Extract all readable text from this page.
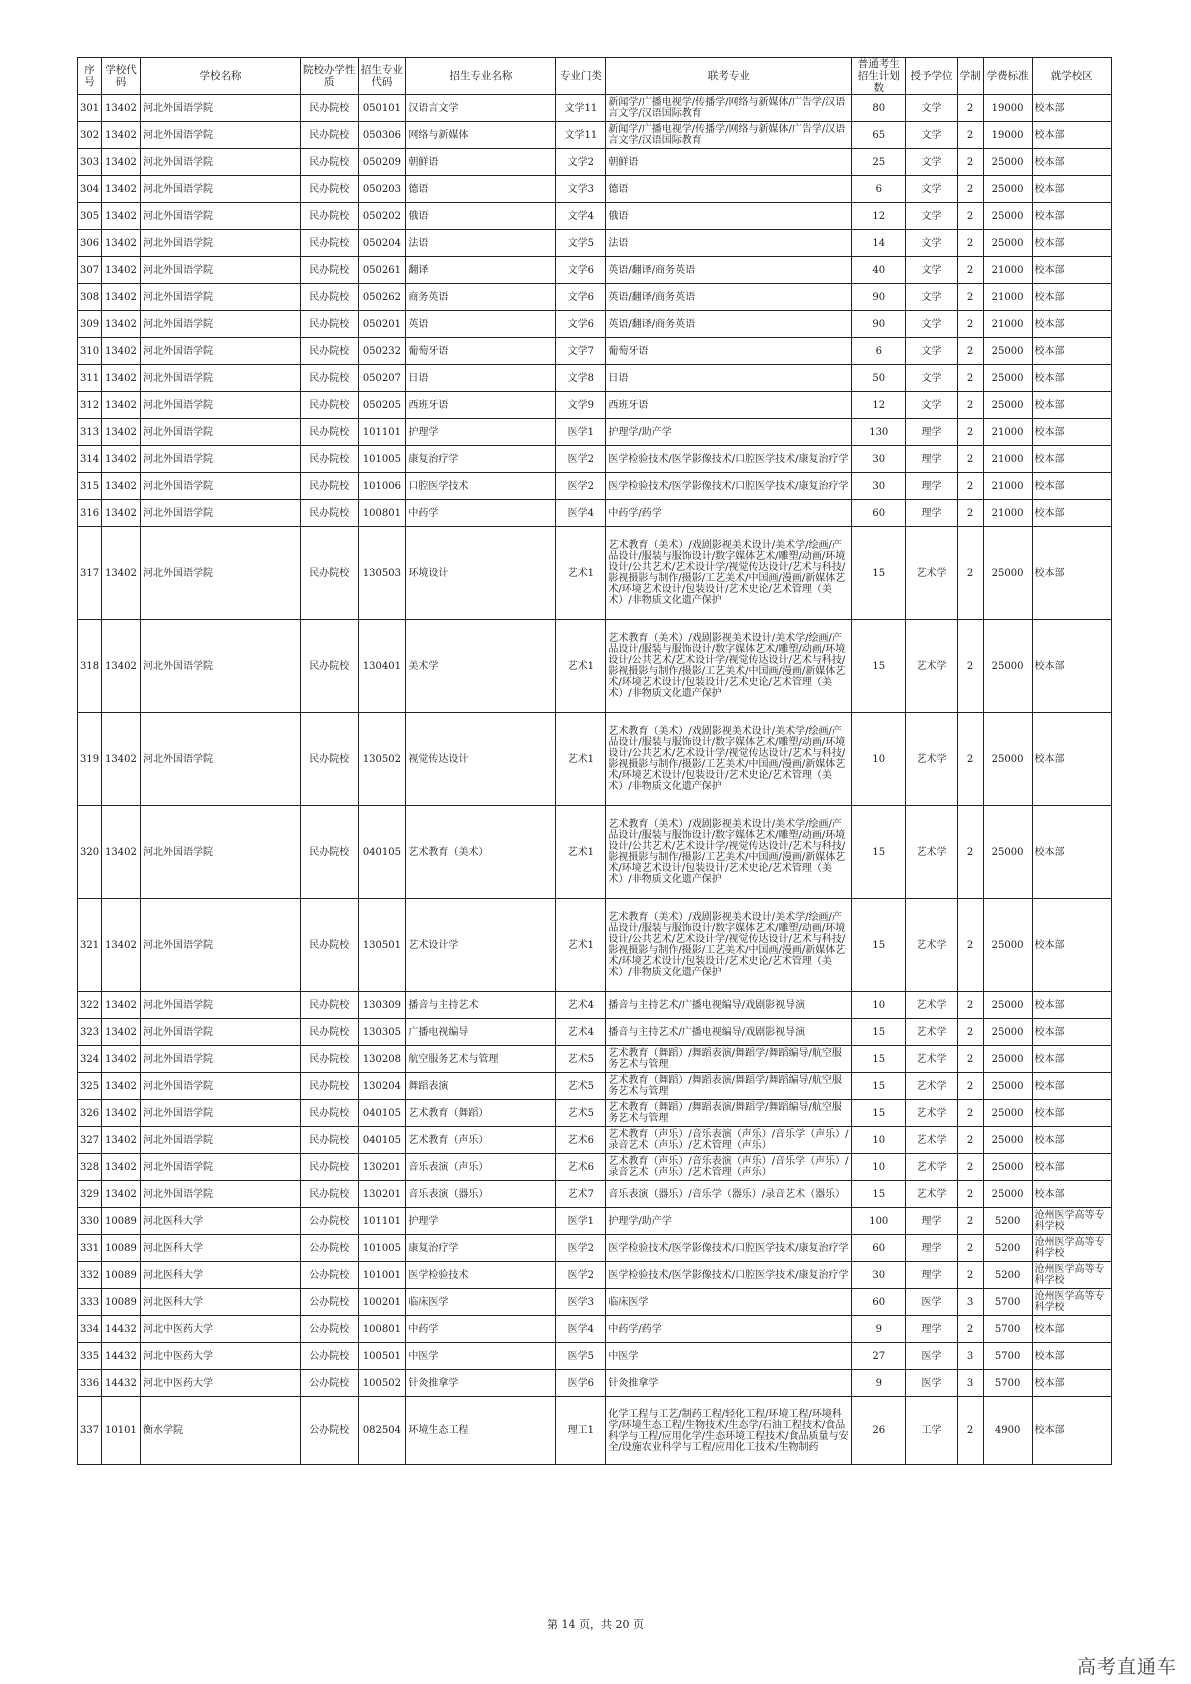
序号	学校代码	学校名称	院校办学性质	招生专业代码	招生专业名称	专业门类	联考专业	普通考生招生计划数	授予学位	学制	学费标准	就学校区
301	13402	河北外国语学院	民办院校	050101	汉语言文学	文学11	新闻学/广播电视学/传播学/网络与新媒体/广告学/汉语言文学/汉语国际教育	80	文学	2	19000	校本部
302	13402	河北外国语学院	民办院校	050306	网络与新媒体	文学11	新闻学/广播电视学/传播学/网络与新媒体/广告学/汉语言文学/汉语国际教育	65	文学	2	19000	校本部
303	13402	河北外国语学院	民办院校	050209	朝鲜语	文学2	朝鲜语	25	文学	2	25000	校本部
304	13402	河北外国语学院	民办院校	050203	德语	文学3	德语	6	文学	2	25000	校本部
305	13402	河北外国语学院	民办院校	050202	俄语	文学4	俄语	12	文学	2	25000	校本部
306	13402	河北外国语学院	民办院校	050204	法语	文学5	法语	14	文学	2	25000	校本部
307	13402	河北外国语学院	民办院校	050261	翻译	文学6	英语/翻译/商务英语	40	文学	2	21000	校本部
308	13402	河北外国语学院	民办院校	050262	商务英语	文学6	英语/翻译/商务英语	90	文学	2	21000	校本部
309	13402	河北外国语学院	民办院校	050201	英语	文学6	英语/翻译/商务英语	90	文学	2	21000	校本部
310	13402	河北外国语学院	民办院校	050232	葡萄牙语	文学7	葡萄牙语	6	文学	2	25000	校本部
311	13402	河北外国语学院	民办院校	050207	日语	文学8	日语	50	文学	2	25000	校本部
312	13402	河北外国语学院	民办院校	050205	西班牙语	文学9	西班牙语	12	文学	2	25000	校本部
313	13402	河北外国语学院	民办院校	101101	护理学	医学1	护理学/助产学	130	理学	2	21000	校本部
314	13402	河北外国语学院	民办院校	101005	康复治疗学	医学2	医学检验技术/医学影像技术/口腔医学技术/康复治疗学	30	理学	2	21000	校本部
315	13402	河北外国语学院	民办院校	101006	口腔医学技术	医学2	医学检验技术/医学影像技术/口腔医学技术/康复治疗学	30	理学	2	21000	校本部
316	13402	河北外国语学院	民办院校	100801	中药学	医学4	中药学/药学	60	理学	2	21000	校本部
317	13402	河北外国语学院	民办院校	130503	环境设计	艺术1	艺术教育（美术）/戏剧影视美术设计/美术学/绘画/产品设计/服装与服饰设计/数字媒体艺术/雕塑/动画/环境设计/公共艺术/艺术设计学/视觉传达设计/艺术与科技/影视摄影与制作/摄影/工艺美术/中国画/漫画/新媒体艺术/环境艺术设计/包装设计/艺术史论/艺术管理（美术）/非物质文化遗产保护	15	艺术学	2	25000	校本部
318	13402	河北外国语学院	民办院校	130401	美术学	艺术1	艺术教育（美术）/戏剧影视美术设计/美术学/绘画/产品设计/服装与服饰设计/数字媒体艺术/雕塑/动画/环境设计/公共艺术/艺术设计学/视觉传达设计/艺术与科技/影视摄影与制作/摄影/工艺美术/中国画/漫画/新媒体艺术/环境艺术设计/包装设计/艺术史论/艺术管理（美术）/非物质文化遗产保护	15	艺术学	2	25000	校本部
319	13402	河北外国语学院	民办院校	130502	视觉传达设计	艺术1	艺术教育（美术）/戏剧影视美术设计/美术学/绘画/产品设计/服装与服饰设计/数字媒体艺术/雕塑/动画/环境设计/公共艺术/艺术设计学/视觉传达设计/艺术与科技/影视摄影与制作/摄影/工艺美术/中国画/漫画/新媒体艺术/环境艺术设计/包装设计/艺术史论/艺术管理（美术）/非物质文化遗产保护	10	艺术学	2	25000	校本部
320	13402	河北外国语学院	民办院校	040105	艺术教育（美术）	艺术1	艺术教育（美术）/戏剧影视美术设计/美术学/绘画/产品设计/服装与服饰设计/数字媒体艺术/雕塑/动画/环境设计/公共艺术/艺术设计学/视觉传达设计/艺术与科技/影视摄影与制作/摄影/工艺美术/中国画/漫画/新媒体艺术/环境艺术设计/包装设计/艺术史论/艺术管理（美术）/非物质文化遗产保护	15	艺术学	2	25000	校本部
321	13402	河北外国语学院	民办院校	130501	艺术设计学	艺术1	艺术教育（美术）/戏剧影视美术设计/美术学/绘画/产品设计/服装与服饰设计/数字媒体艺术/雕塑/动画/环境设计/公共艺术/艺术设计学/视觉传达设计/艺术与科技/影视摄影与制作/摄影/工艺美术/中国画/漫画/新媒体艺术/环境艺术设计/包装设计/艺术史论/艺术管理（美术）/非物质文化遗产保护	15	艺术学	2	25000	校本部
322	13402	河北外国语学院	民办院校	130309	播音与主持艺术	艺术4	播音与主持艺术/广播电视编导/戏剧影视导演	10	艺术学	2	25000	校本部
323	13402	河北外国语学院	民办院校	130305	广播电视编导	艺术4	播音与主持艺术/广播电视编导/戏剧影视导演	15	艺术学	2	25000	校本部
324	13402	河北外国语学院	民办院校	130208	航空服务艺术与管理	艺术5	艺术教育（舞蹈）/舞蹈表演/舞蹈学/舞蹈编导/航空服务艺术与管理	15	艺术学	2	25000	校本部
325	13402	河北外国语学院	民办院校	130204	舞蹈表演	艺术5	艺术教育（舞蹈）/舞蹈表演/舞蹈学/舞蹈编导/航空服务艺术与管理	15	艺术学	2	25000	校本部
326	13402	河北外国语学院	民办院校	040105	艺术教育（舞蹈）	艺术5	艺术教育（舞蹈）/舞蹈表演/舞蹈学/舞蹈编导/航空服务艺术与管理	15	艺术学	2	25000	校本部
327	13402	河北外国语学院	民办院校	040105	艺术教育（声乐）	艺术6	艺术教育（声乐）/音乐表演（声乐）/音乐学（声乐）/录音艺术（声乐）/艺术管理（声乐）	10	艺术学	2	25000	校本部
328	13402	河北外国语学院	民办院校	130201	音乐表演（声乐）	艺术6	艺术教育（声乐）/音乐表演（声乐）/音乐学（声乐）/录音艺术（声乐）/艺术管理（声乐）	10	艺术学	2	25000	校本部
329	13402	河北外国语学院	民办院校	130201	音乐表演（器乐）	艺术7	音乐表演（器乐）/音乐学（器乐）/录音艺术（器乐）	15	艺术学	2	25000	校本部
330	10089	河北医科大学	公办院校	101101	护理学	医学1	护理学/助产学	100	理学	2	5200	沧州医学高等专科学校
331	10089	河北医科大学	公办院校	101005	康复治疗学	医学2	医学检验技术/医学影像技术/口腔医学技术/康复治疗学	60	理学	2	5200	沧州医学高等专科学校
332	10089	河北医科大学	公办院校	101001	医学检验技术	医学2	医学检验技术/医学影像技术/口腔医学技术/康复治疗学	30	理学	2	5200	沧州医学高等专科学校
333	10089	河北医科大学	公办院校	100201	临床医学	医学3	临床医学	60	医学	3	5700	沧州医学高等专科学校
334	14432	河北中医药大学	公办院校	100801	中药学	医学4	中药学/药学	9	理学	2	5700	校本部
335	14432	河北中医药大学	公办院校	100501	中医学	医学5	中医学	27	医学	3	5700	校本部
336	14432	河北中医药大学	公办院校	100502	针灸推拿学	医学6	针灸推拿学	9	医学	3	5700	校本部
337	10101	衡水学院	公办院校	082504	环境生态工程	理工1	化学工程与工艺/制药工程/轻化工程/环境工程/环境科学/环境生态工程/生物技术/生态学/石油工程技术/食品科学与工程/应用化学/生态环境工程技术/食品质量与安全/设施农业科学与工程/应用化工技术/生物制药	26	工学	2	4900	校本部
第 14 页，共 20 页
高考直通车
